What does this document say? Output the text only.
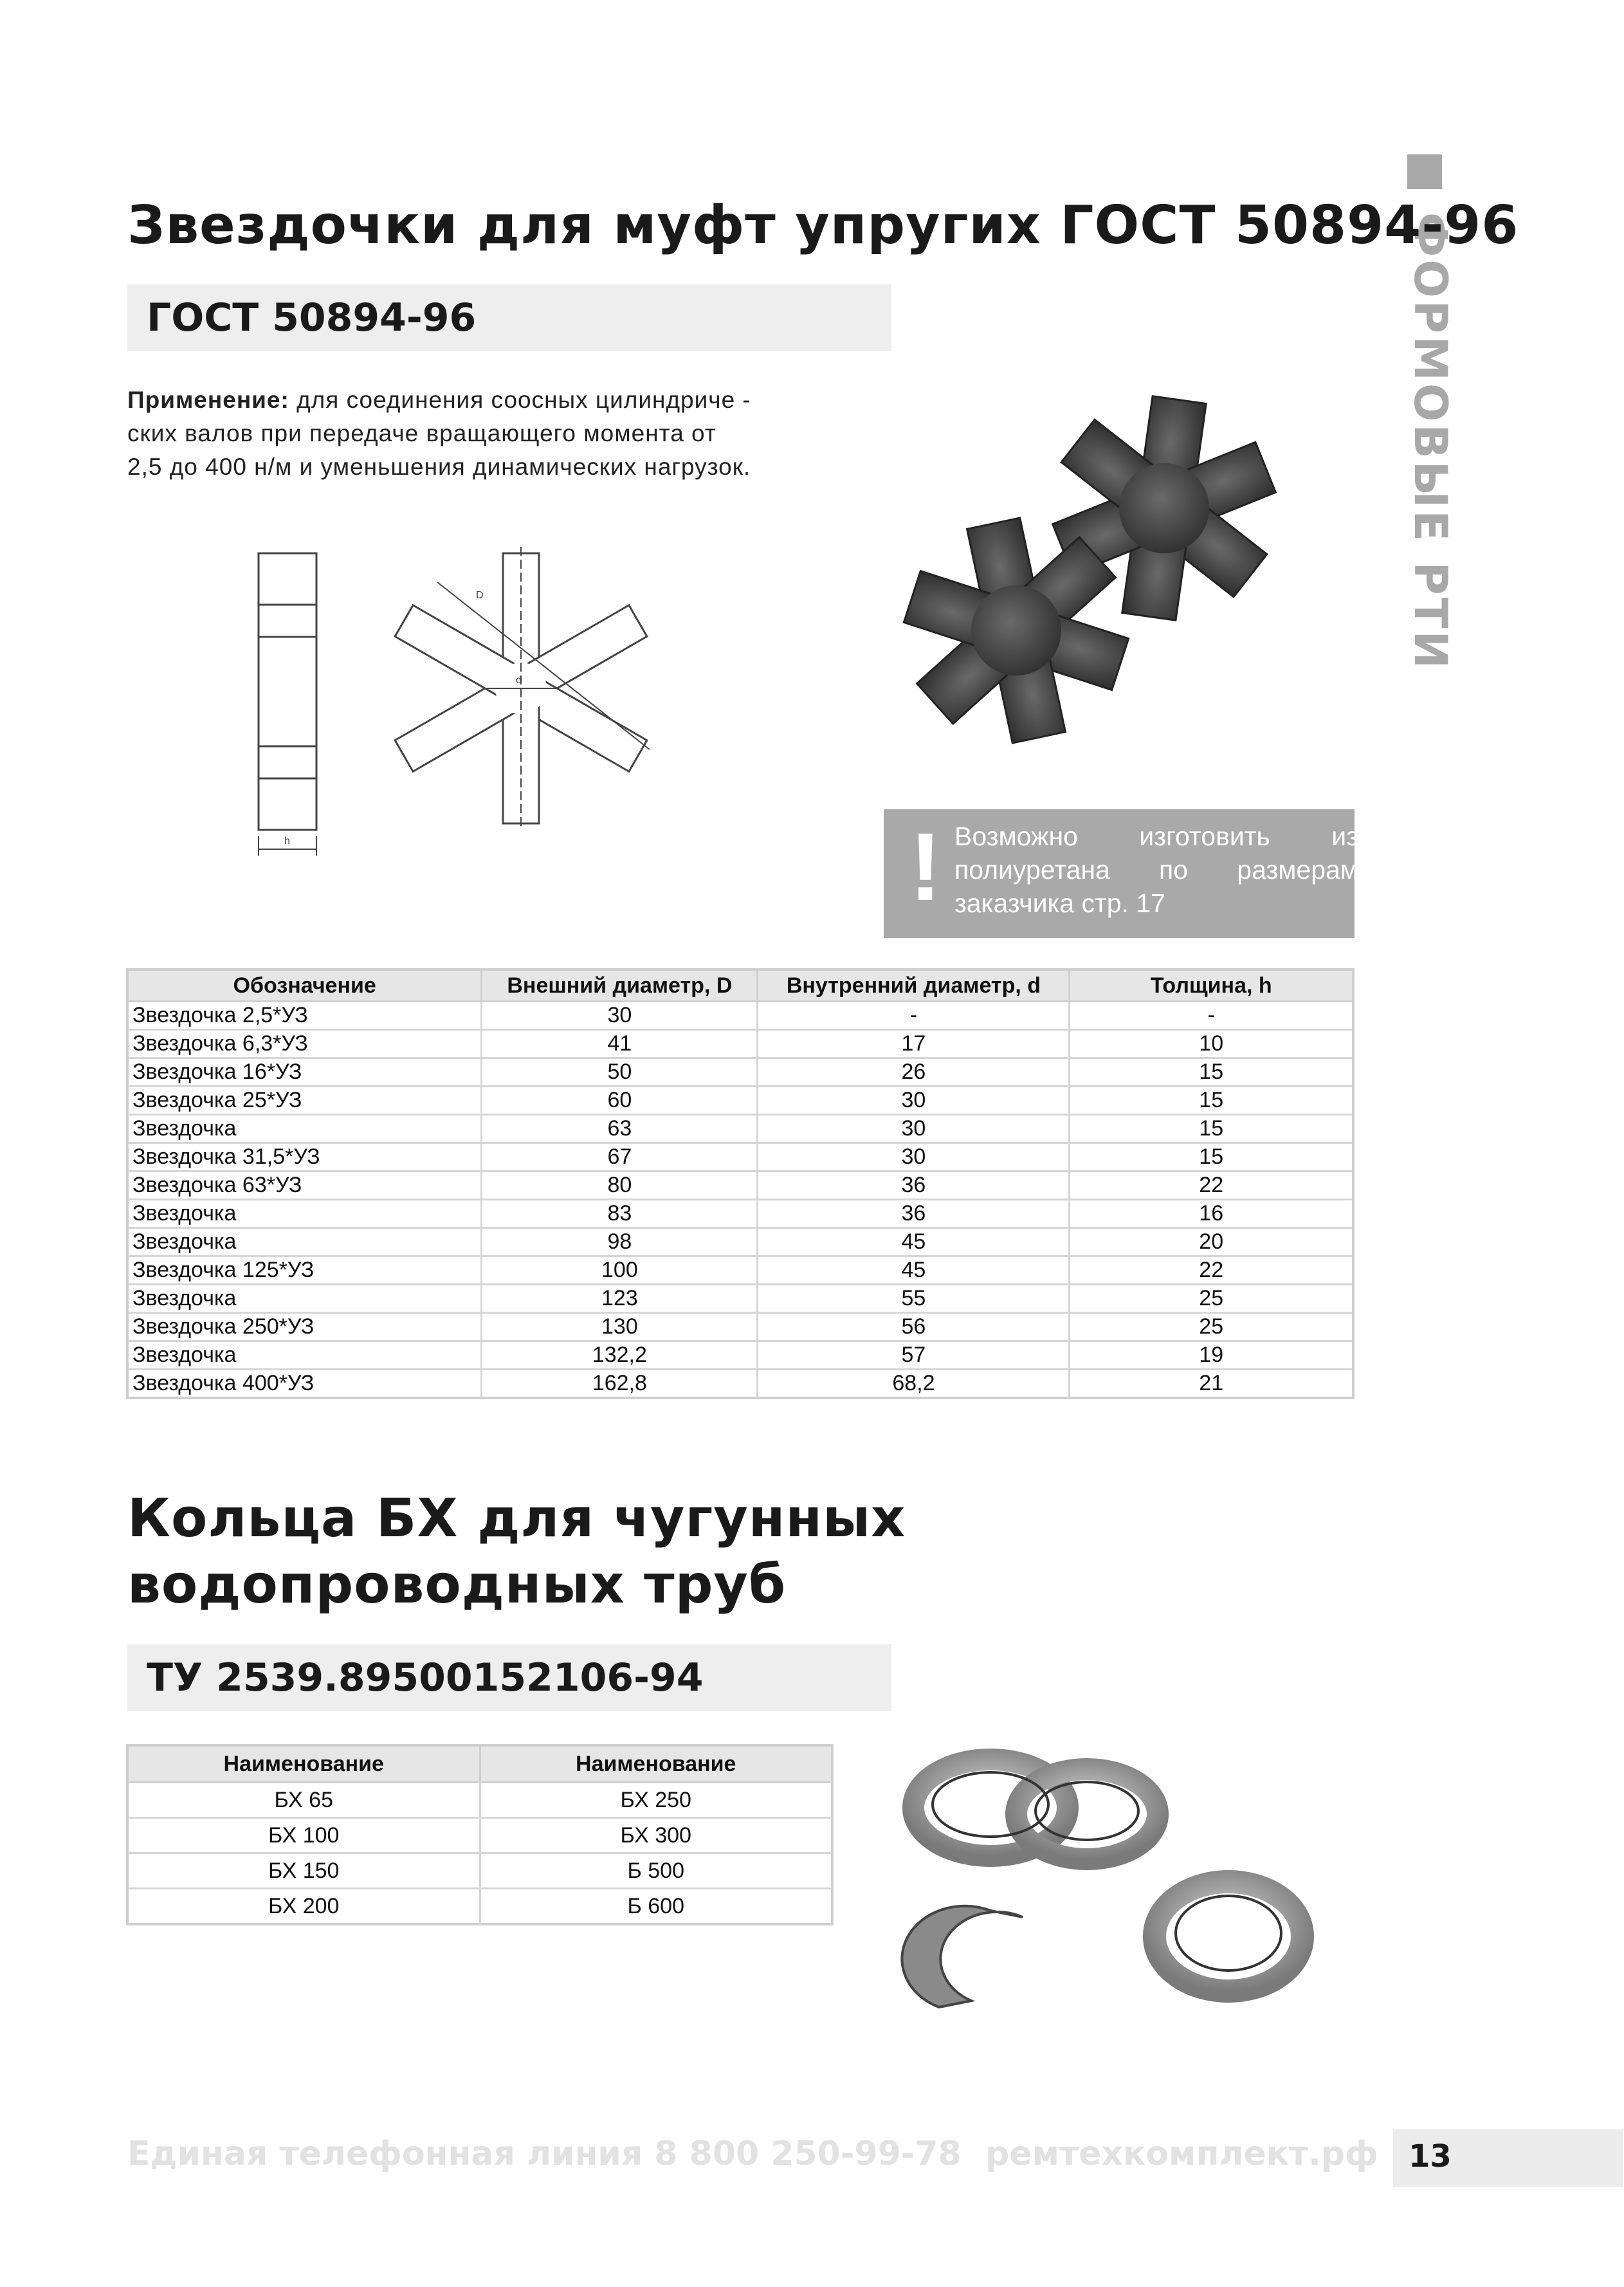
ФОРМОВЫЕ РТИ
Звездочки для муфт упругих ГОСТ 50894-96
ГОСТ 50894-96
Применение: для соединения соосных цилиндриче -
ских валов при передаче вращающего момента от
2,5 до 400 н/м и уменьшения динамических нагрузок.
h
D
d
! Возможно изготовить из полиуретана по размерам заказчика стр. 17
Обозначение	Внешний диаметр, D	Внутренний диаметр, d	Толщина, h
Звездочка 2,5*УЗ	30	-	-
Звездочка 6,3*УЗ	41	17	10
Звездочка 16*УЗ	50	26	15
Звездочка 25*УЗ	60	30	15
Звездочка	63	30	15
Звездочка 31,5*УЗ	67	30	15
Звездочка 63*УЗ	80	36	22
Звездочка	83	36	16
Звездочка	98	45	20
Звездочка 125*УЗ	100	45	22
Звездочка	123	55	25
Звездочка 250*УЗ	130	56	25
Звездочка	132,2	57	19
Звездочка 400*УЗ	162,8	68,2	21
Кольца БХ для чугунных
водопроводных труб
ТУ 2539.89500152106-94
Наименование	Наименование
БХ 65	БХ 250
БХ 100	БХ 300
БХ 150	Б 500
БХ 200	Б 600
Единая телефонная линия 8 800 250-99-78 ремтехкомплект.рф 13
